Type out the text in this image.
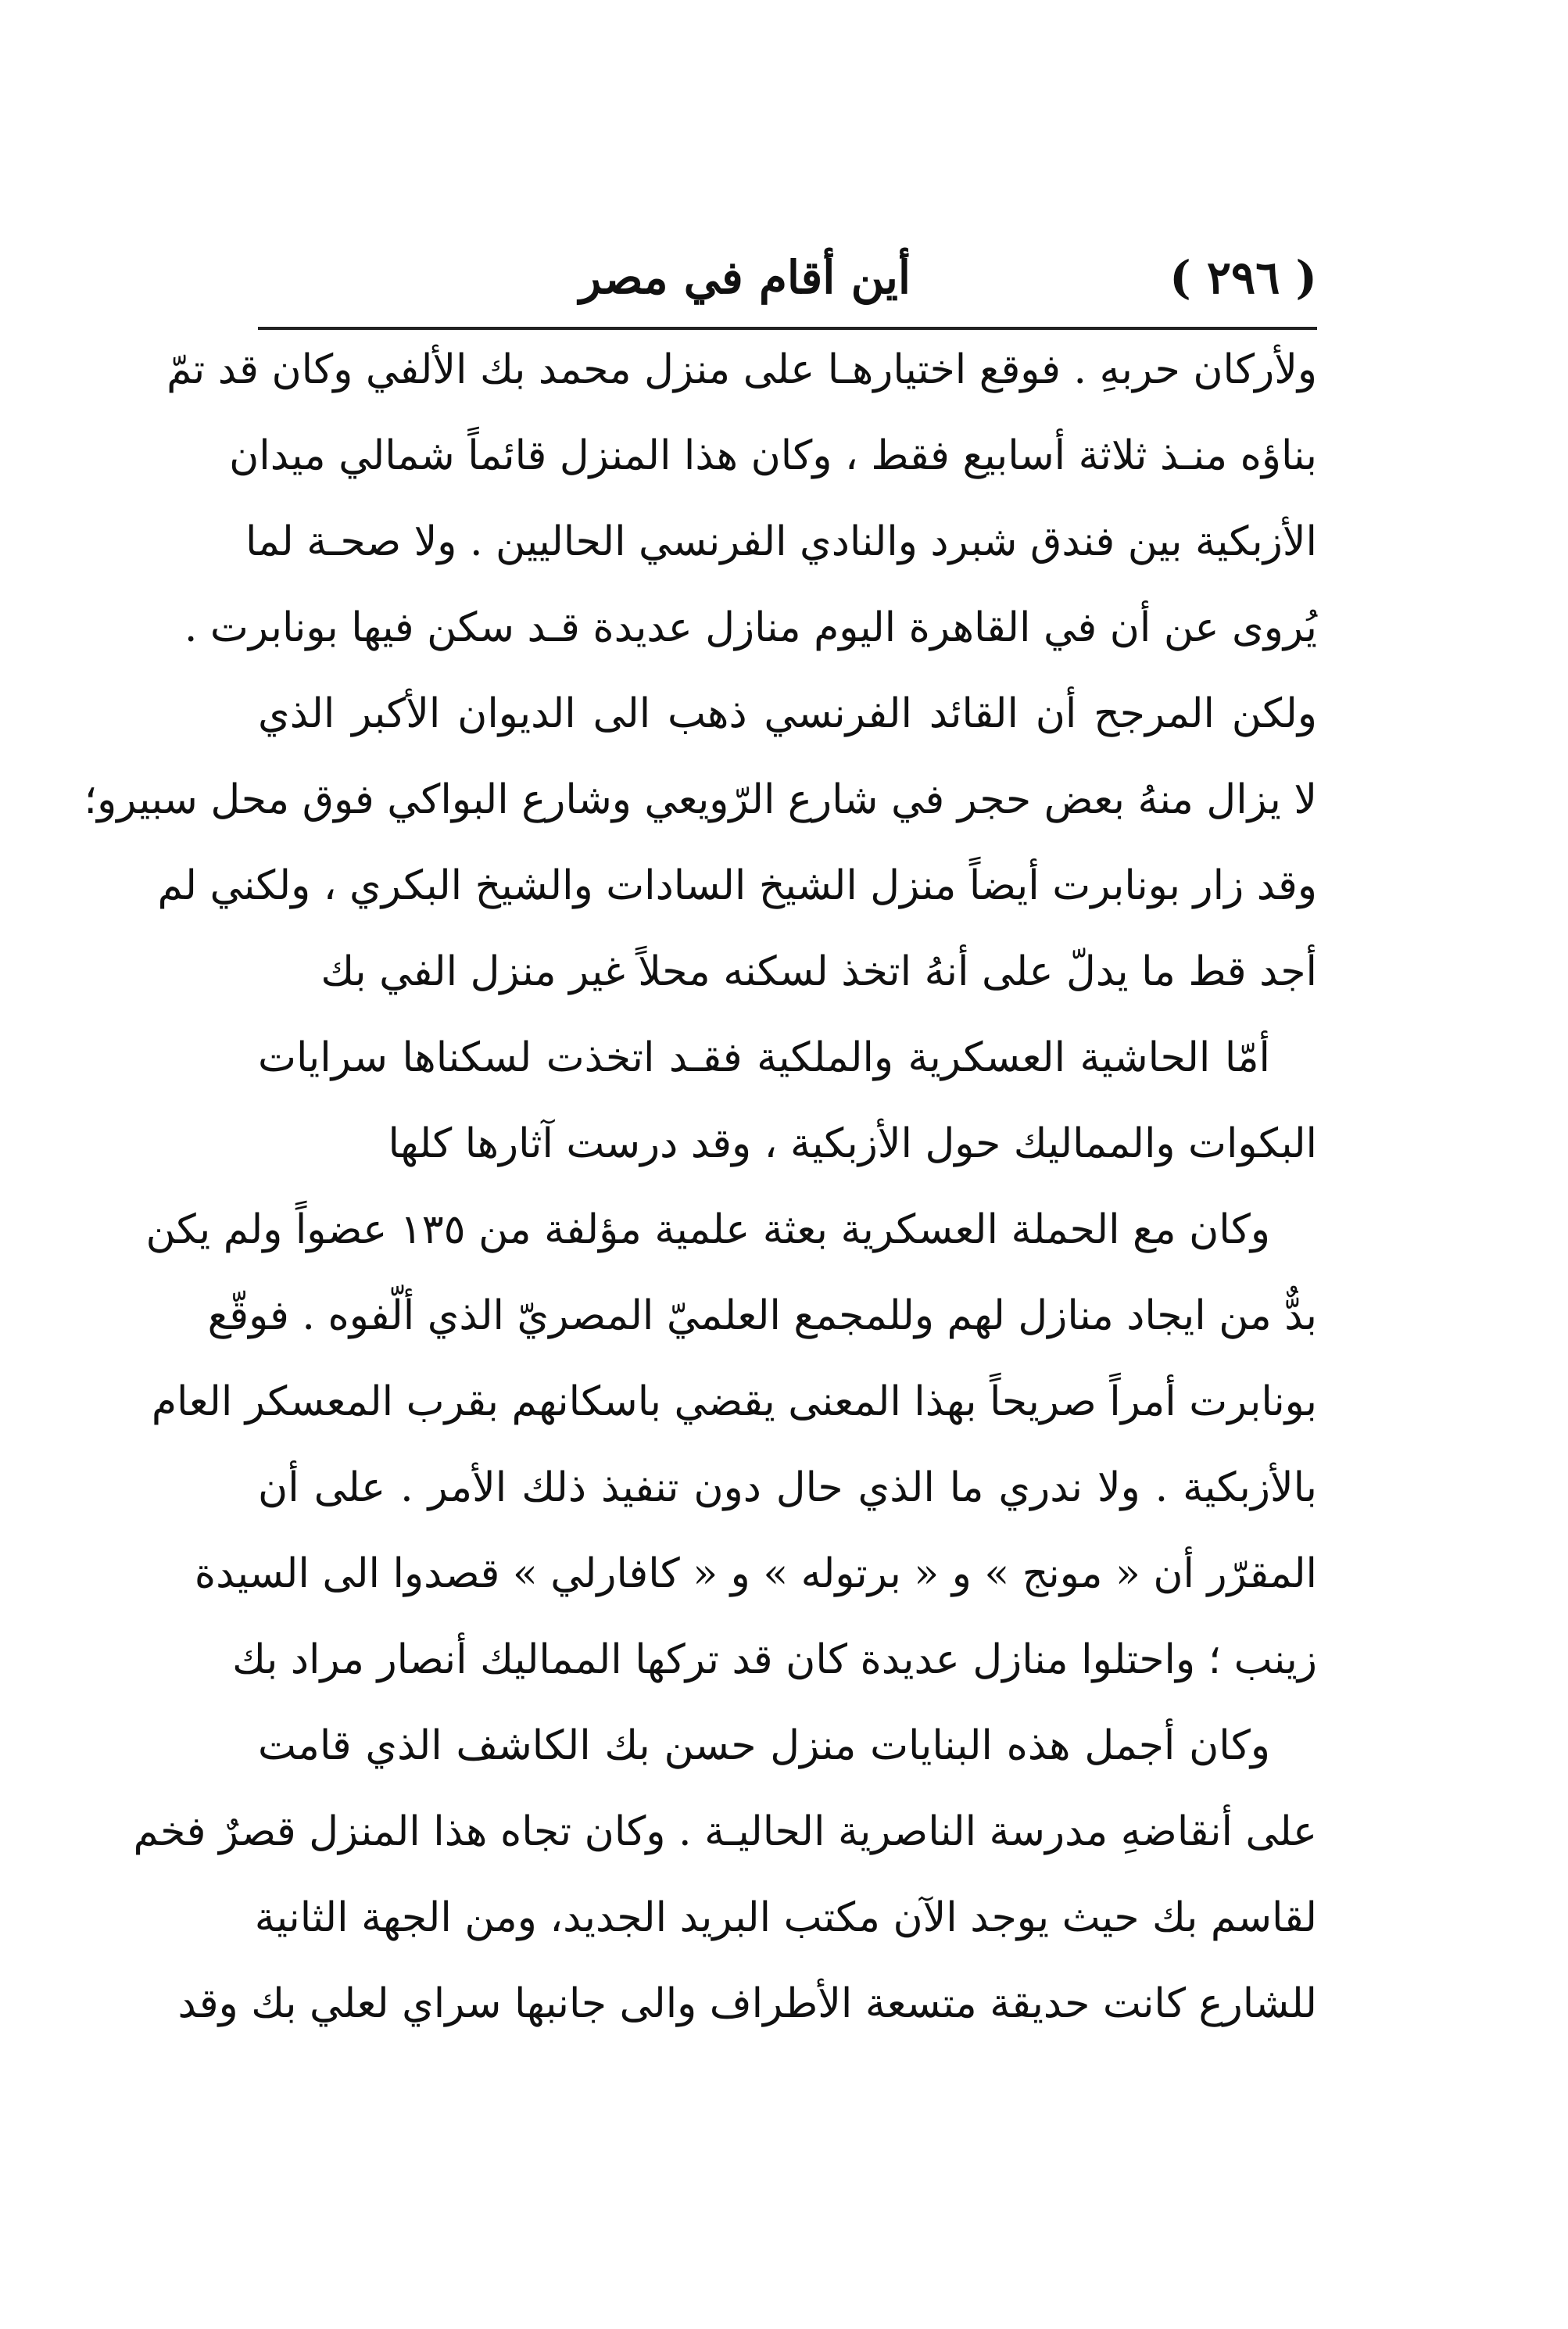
( ٢٩٦ )
أين أقام في مصر
ولأركان حربهِ . فوقع اختيارهـا على منزل محمد بك الألفي وكان قد تمّ
بناؤه منـذ ثلاثة أسابيع فقط ، وكان هذا المنزل قائماً شمالي ميدان
الأزبكية بين فندق شبرد والنادي الفرنسي الحاليين . ولا صحـة لما
يُروى عن أن في القاهرة اليوم منازل عديدة قـد سكن فيها بونابرت .
ولكن المرجح أن القائد الفرنسي ذهب الى الديوان الأكبر الذي
لا يزال منهُ بعض حجر في شارع الرّويعي وشارع البواكي فوق محل سبيرو؛
وقد زار بونابرت أيضاً منزل الشيخ السادات والشيخ البكري ، ولكني لم
أجد قط ما يدلّ على أنهُ اتخذ لسكنه محلاً غير منزل الفي بك
أمّا الحاشية العسكرية والملكية فقـد اتخذت لسكناها سرايات
البكوات والمماليك حول الأزبكية ، وقد درست آثارها كلها
وكان مع الحملة العسكرية بعثة علمية مؤلفة من ١٣٥ عضواً ولم يكن
بدٌّ من ايجاد منازل لهم وللمجمع العلميّ المصريّ الذي ألّفوه . فوقّع
بونابرت أمراً صريحاً بهذا المعنى يقضي باسكانهم بقرب المعسكر العام
بالأزبكية . ولا ندري ما الذي حال دون تنفيذ ذلك الأمر . على أن
المقرّر أن « مونج » و « برتوله » و « كافارلي » قصدوا الى السيدة
زينب ؛ واحتلوا منازل عديدة كان قد تركها المماليك أنصار مراد بك
وكان أجمل هذه البنايات منزل حسن بك الكاشف الذي قامت
على أنقاضهِ مدرسة الناصرية الحاليـة . وكان تجاه هذا المنزل قصرٌ فخم
لقاسم بك حيث يوجد الآن مكتب البريد الجديد، ومن الجهة الثانية
للشارع كانت حديقة متسعة الأطراف والى جانبها سراي لعلي بك وقد
